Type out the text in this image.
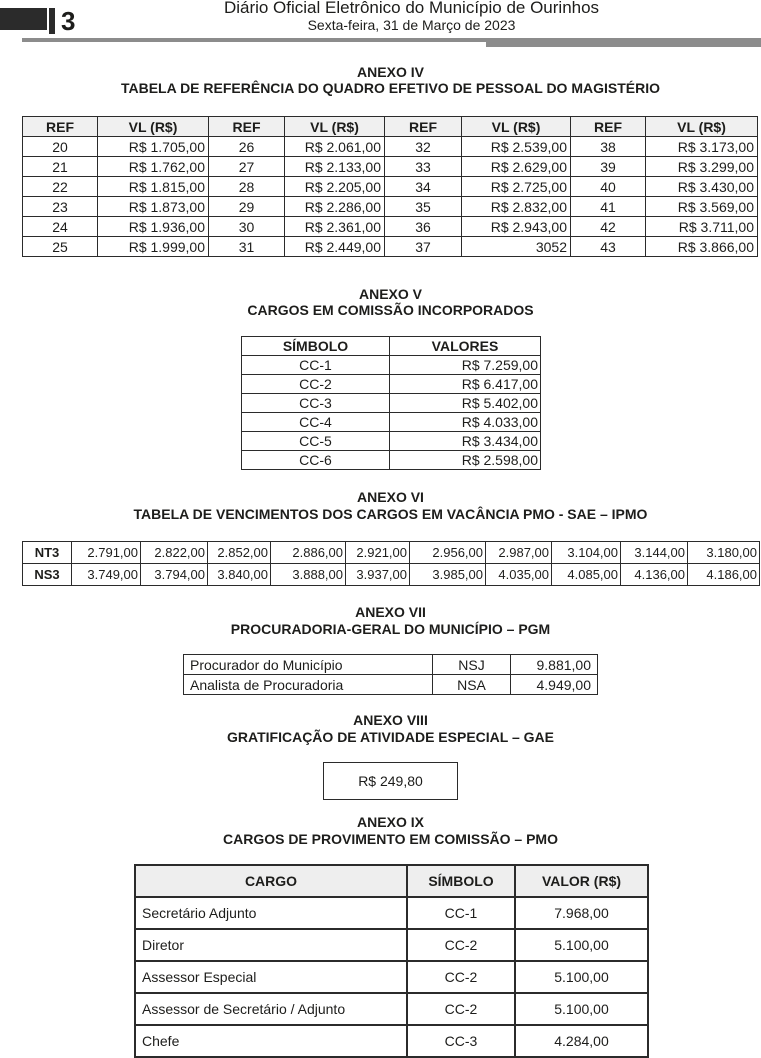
3	Diário Oficial Eletrônico do Município de Ourinhos
Sexta-feira, 31 de Março de 2023
ANEXO IV
TABELA DE REFERÊNCIA DO QUADRO EFETIVO DE PESSOAL DO MAGISTÉRIO
REF	VL (R$)	REF	VL (R$)	REF	VL (R$)	REF	VL (R$)
20	R$ 1.705,00	26	R$ 2.061,00	32	R$ 2.539,00	38	R$ 3.173,00
21	R$ 1.762,00	27	R$ 2.133,00	33	R$ 2.629,00	39	R$ 3.299,00
22	R$ 1.815,00	28	R$ 2.205,00	34	R$ 2.725,00	40	R$ 3.430,00
23	R$ 1.873,00	29	R$ 2.286,00	35	R$ 2.832,00	41	R$ 3.569,00
24	R$ 1.936,00	30	R$ 2.361,00	36	R$ 2.943,00	42	R$ 3.711,00
25	R$ 1.999,00	31	R$ 2.449,00	37	3052	43	R$ 3.866,00
ANEXO V
CARGOS EM COMISSÃO INCORPORADOS
SÍMBOLO	VALORES
CC-1	R$ 7.259,00
CC-2	R$ 6.417,00
CC-3	R$ 5.402,00
CC-4	R$ 4.033,00
CC-5	R$ 3.434,00
CC-6	R$ 2.598,00
ANEXO VI
TABELA DE VENCIMENTOS DOS CARGOS EM VACÂNCIA PMO - SAE – IPMO
NT3	2.791,00	2.822,00	2.852,00	2.886,00	2.921,00	2.956,00	2.987,00	3.104,00	3.144,00	3.180,00
NS3	3.749,00	3.794,00	3.840,00	3.888,00	3.937,00	3.985,00	4.035,00	4.085,00	4.136,00	4.186,00
ANEXO VII
PROCURADORIA-GERAL DO MUNICÍPIO – PGM
Procurador do Município	NSJ	9.881,00
Analista de Procuradoria	NSA	4.949,00
ANEXO VIII
GRATIFICAÇÃO DE ATIVIDADE ESPECIAL – GAE
R$ 249,80
ANEXO IX
CARGOS DE PROVIMENTO EM COMISSÃO – PMO
CARGO	SÍMBOLO	VALOR (R$)
Secretário Adjunto	CC-1	7.968,00
Diretor	CC-2	5.100,00
Assessor Especial	CC-2	5.100,00
Assessor de Secretário / Adjunto	CC-2	5.100,00
Chefe	CC-3	4.284,00
